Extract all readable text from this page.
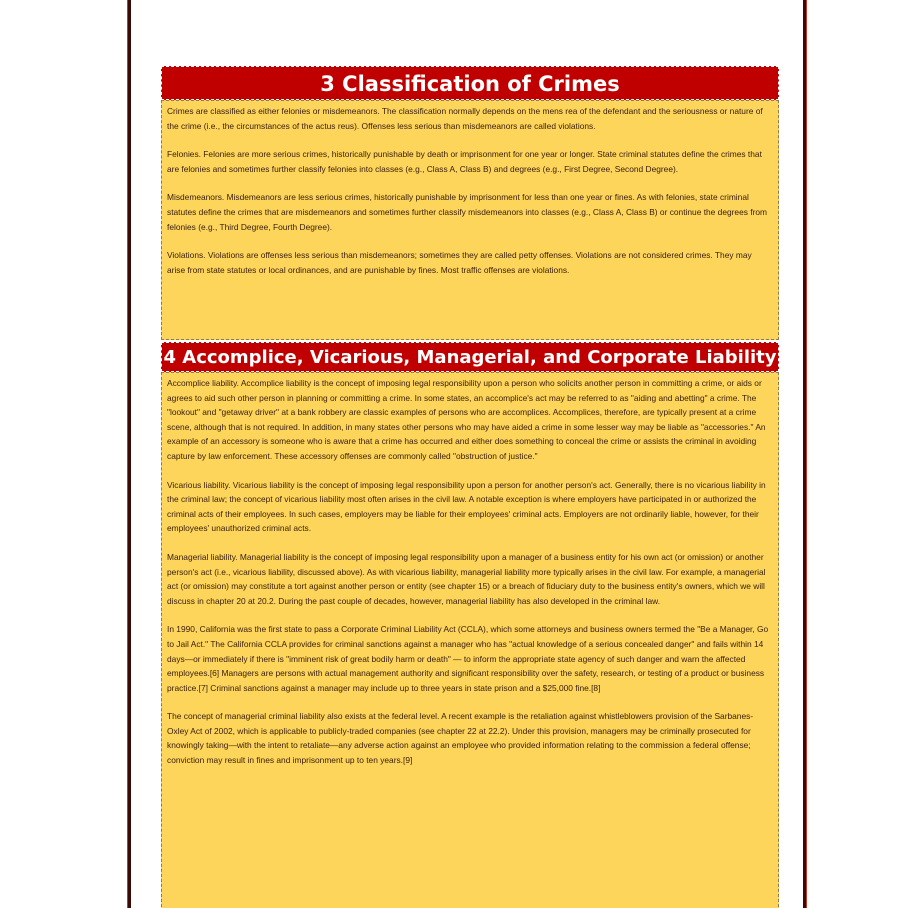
3 Classification of Crimes

Crimes are classified as either felonies or misdemeanors. The classification normally depends on the mens rea of the defendant and the seriousness or nature of the crime (i.e., the circumstances of the actus reus). Offenses less serious than misdemeanors are called violations.

Felonies. Felonies are more serious crimes, historically punishable by death or imprisonment for one year or longer. State criminal statutes define the crimes that are felonies and sometimes further classify felonies into classes (e.g., Class A, Class B) and degrees (e.g., First Degree, Second Degree).

Misdemeanors. Misdemeanors are less serious crimes, historically punishable by imprisonment for less than one year or fines. As with felonies, state criminal statutes define the crimes that are misdemeanors and sometimes further classify misdemeanors into classes (e.g., Class A, Class B) or continue the degrees from felonies (e.g., Third Degree, Fourth Degree).

Violations. Violations are offenses less serious than misdemeanors; sometimes they are called petty offenses. Violations are not considered crimes. They may arise from state statutes or local ordinances, and are punishable by fines. Most traffic offenses are violations.

4 Accomplice, Vicarious, Managerial, and Corporate Liability

Accomplice liability. Accomplice liability is the concept of imposing legal responsibility upon a person who solicits another person in committing a crime, or aids or agrees to aid such other person in planning or committing a crime. In some states, an accomplice's act may be referred to as "aiding and abetting" a crime. The "lookout" and "getaway driver" at a bank robbery are classic examples of persons who are accomplices. Accomplices, therefore, are typically present at a crime scene, although that is not required. In addition, in many states other persons who may have aided a crime in some lesser way may be liable as "accessories." An example of an accessory is someone who is aware that a crime has occurred and either does something to conceal the crime or assists the criminal in avoiding capture by law enforcement. These accessory offenses are commonly called "obstruction of justice."

Vicarious liability. Vicarious liability is the concept of imposing legal responsibility upon a person for another person's act. Generally, there is no vicarious liability in the criminal law; the concept of vicarious liability most often arises in the civil law. A notable exception is where employers have participated in or authorized the criminal acts of their employees. In such cases, employers may be liable for their employees' criminal acts. Employers are not ordinarily liable, however, for their employees' unauthorized criminal acts.

Managerial liability. Managerial liability is the concept of imposing legal responsibility upon a manager of a business entity for his own act (or omission) or another person's act (i.e., vicarious liability, discussed above). As with vicarious liability, managerial liability more typically arises in the civil law. For example, a managerial act (or omission) may constitute a tort against another person or entity (see chapter 15) or a breach of fiduciary duty to the business entity's owners, which we will discuss in chapter 20 at 20.2. During the past couple of decades, however, managerial liability has also developed in the criminal law.

In 1990, California was the first state to pass a Corporate Criminal Liability Act (CCLA), which some attorneys and business owners termed the "Be a Manager, Go to Jail Act." The California CCLA provides for criminal sanctions against a manager who has "actual knowledge of a serious concealed danger" and fails within 14 days—or immediately if there is "imminent risk of great bodily harm or death" — to inform the appropriate state agency of such danger and warn the affected employees.[6] Managers are persons with actual management authority and significant responsibility over the safety, research, or testing of a product or business practice.[7] Criminal sanctions against a manager may include up to three years in state prison and a $25,000 fine.[8]

The concept of managerial criminal liability also exists at the federal level. A recent example is the retaliation against whistleblowers provision of the Sarbanes-Oxley Act of 2002, which is applicable to publicly-traded companies (see chapter 22 at 22.2). Under this provision, managers may be criminally prosecuted for knowingly taking—with the intent to retaliate—any adverse action against an employee who provided information relating to the commission a federal offense; conviction may result in fines and imprisonment up to ten years.[9]
